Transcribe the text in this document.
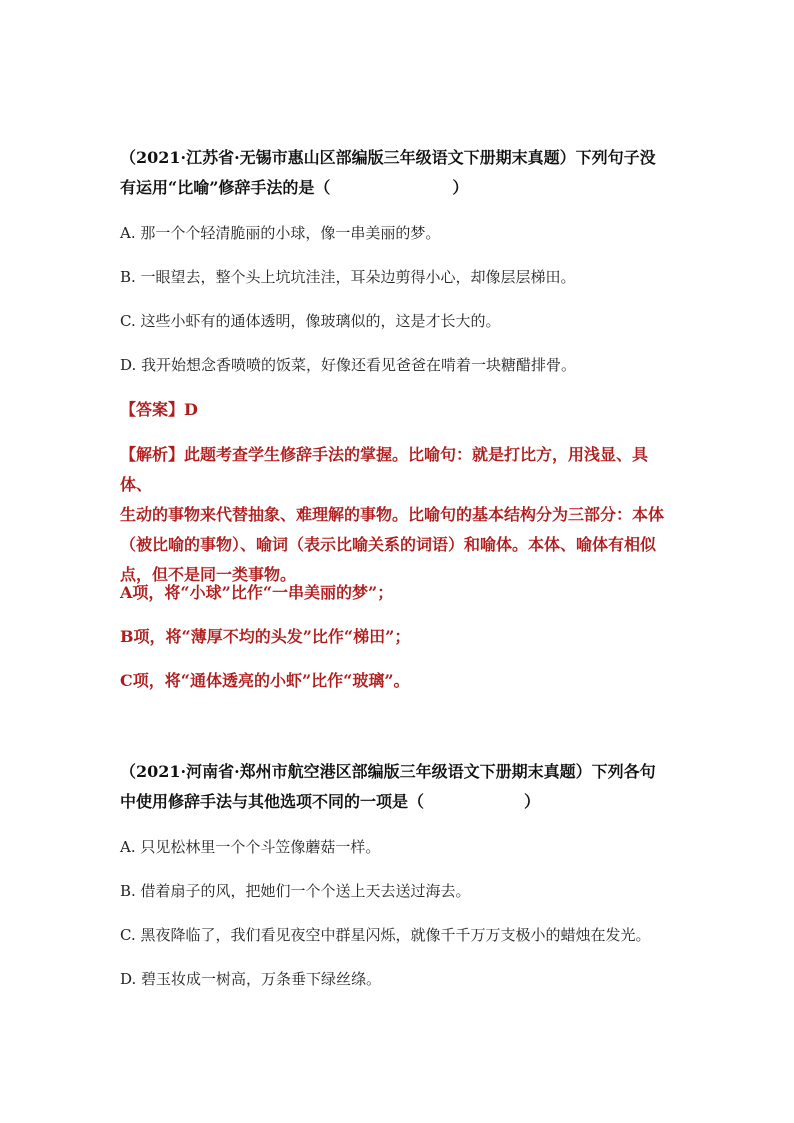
（2021·江苏省·无锡市惠山区部编版三年级语文下册期末真题）下列句子没
有运用“比喻”修辞手法的是（	）

A. 那一个个轻清脆丽的小球，像一串美丽的梦。

B. 一眼望去，整个头上坑坑洼洼，耳朵边剪得小心，却像层层梯田。

C. 这些小虾有的通体透明，像玻璃似的，这是才长大的。

D. 我开始想念香喷喷的饭菜，好像还看见爸爸在啃着一块糖醋排骨。

【答案】D

【解析】此题考查学生修辞手法的掌握。比喻句：就是打比方，用浅显、具体、
生动的事物来代替抽象、难理解的事物。比喻句的基本结构分为三部分：本体
（被比喻的事物）、喻词（表示比喻关系的词语）和喻体。本体、喻体有相似
点，但不是同一类事物。

A项，将“小球”比作“一串美丽的梦”；

B项，将“薄厚不均的头发”比作“梯田”；

C项，将“通体透亮的小虾”比作“玻璃”。

（2021·河南省·郑州市航空港区部编版三年级语文下册期末真题）下列各句
中使用修辞手法与其他选项不同的一项是（	）

A. 只见松林里一个个斗笠像蘑菇一样。

B. 借着扇子的风，把她们一个个送上天去送过海去。

C. 黑夜降临了，我们看见夜空中群星闪烁，就像千千万万支极小的蜡烛在发光。

D. 碧玉妆成一树高，万条垂下绿丝绦。
